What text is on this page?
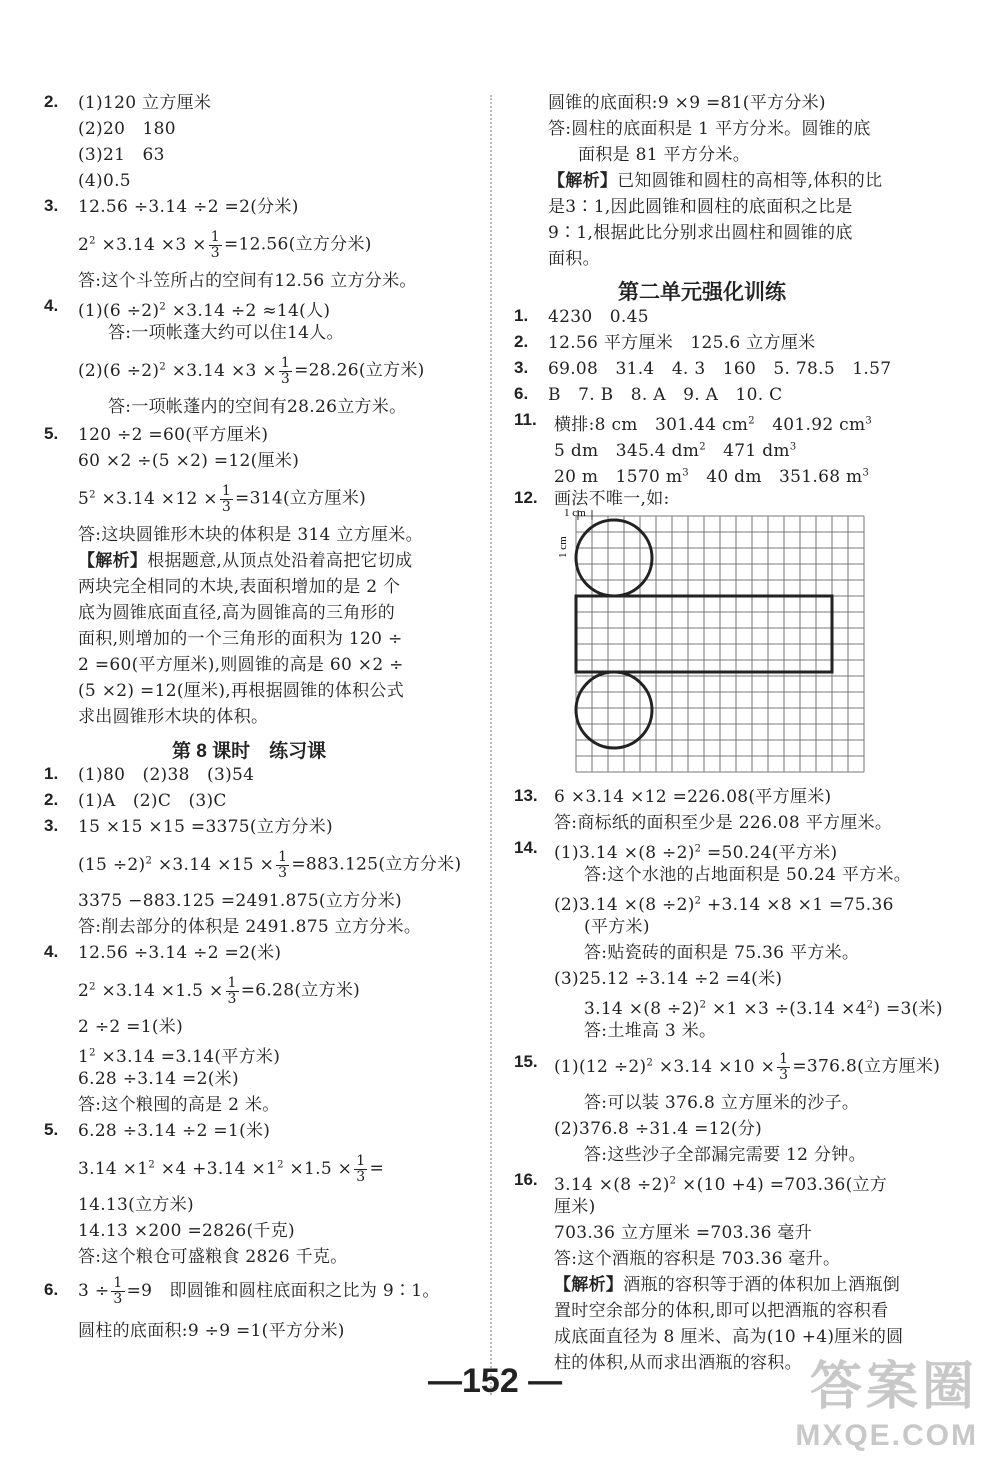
第 8 课时　练习课
2. (1)120 立方厘米
(2)20　180
(3)21　63
(4)0.5
3. 12.56 ÷3.14 ÷2 =2(分米)
$2^2 \times 3.14 \times 3 \times \frac{1}{3} =12.56$(立方分米)
答:这个斗笠所占的空间有12.56 立方分米。
4. $(1)(6 \div 2)^2 \times 3.14 \div 2 \approx 14$(人)
答:一项帐蓬大约可以住14人。
$(2)(6 \div 2)^2 \times 3.14 \times 3 \times \frac{1}{3} =28.26$(立方米)
答:一项帐蓬内的空间有28.26立方米。
5. 120 ÷2 =60(平方厘米)
60 ×2 ÷(5 ×2) =12(厘米)
$5^2 \times 3.14 \times 12 \times \frac{1}{3} =314$(立方厘米)
答:这块圆锥形木块的体积是 314 立方厘米。
【解析】根据题意,从顶点处沿着高把它切成
两块完全相同的木块,表面积增加的是 2 个
底为圆锥底面直径,高为圆锥高的三角形的
面积,则增加的一个三角形的面积为 120 ÷
2 =60(平方厘米),则圆锥的高是 60 ×2 ÷
(5 ×2) =12(厘米),再根据圆锥的体积公式
求出圆锥形木块的体积。
1. (1)80　(2)38　(3)54
2. (1)A　(2)C　(3)C
3. 15 ×15 ×15 =3375(立方分米)
$(15 \div 2)^2 \times 3.14 \times 15 \times \frac{1}{3} =883.125$(立方分米)
3375 −883.125 =2491.875(立方分米)
答:削去部分的体积是 2491.875 立方分米。
4. 12.56 ÷3.14 ÷2 =2(米)
$2^2 \times 3.14 \times 1.5 \times \frac{1}{3} =6.28$(立方米)
2 ÷2 =1(米)
$1^2 \times 3.14 =3.14$(平方米)
6.28 ÷3.14 =2(米)
答:这个粮囤的高是 2 米。
5. 6.28 ÷3.14 ÷2 =1(米)
$3.14 \times 1^2 \times 4 +3.14 \times 1^2 \times 1.5 \times \frac{1}{3}$ =
14.13(立方米)
14.13 ×200 =2826(千克)
答:这个粮仓可盛粮食 2826 千克。
6. $3 \div \frac{1}{3} =9$　即圆锥和圆柱底面积之比为 9∶1。
圆柱的底面积:9 ÷9 =1(平方分米)
第二单元强化训练
1 cm
1 cm
圆锥的底面积:9 ×9 =81(平方分米)
答:圆柱的底面积是 1 平方分米。圆锥的底
面积是 81 平方分米。
【解析】已知圆锥和圆柱的高相等,体积的比
是3∶1,因此圆锥和圆柱的底面积之比是
9∶1,根据此比分别求出圆柱和圆锥的底
面积。
1. 4230　0.45
2. 12.56 平方厘米　125.6 立方厘米
3. 69.08　31.4　4. 3　160　5. 78.5　1.57
6. B　7. B　8. A　9. A　10. C
11. 横排:8 cm　301.44 $cm^2$　401.92 $cm^3$
5 dm　345.4 $dm^2$　471 $dm^3$
20 m　1570 $m^3$　40 dm　351.68 $m^3$
12. 画法不唯一,如:
13. 6 ×3.14 ×12 =226.08(平方厘米)
答:商标纸的面积至少是 226.08 平方厘米。
14. $(1)3.14 \times(8 \div 2)^2 =50.24$(平方米)
答:这个水池的占地面积是 50.24 平方米。
$(2)3.14 \times(8 \div 2)^2 +3.14 \times 8 \times 1 =75.36$
(平方米)
答:贴瓷砖的面积是 75.36 平方米。
(3)25.12 ÷3.14 ÷2 =4(米)
$3.14 \times(8 \div 2)^2 \times 1 \times 3 \div(3.14 \times 4^2) =3$(米)
答:土堆高 3 米。
15. $(1)(12 \div 2)^2 \times 3.14 \times 10 \times \frac{1}{3} =376.8$(立方厘米)
答:可以装 376.8 立方厘米的沙子。
(2)376.8 ÷31.4 =12(分)
答:这些沙子全部漏完需要 12 分钟。
16. $3.14 \times(8 \div 2)^2 \times(10 +4) =703.36$(立方
厘米)
703.36 立方厘米 =703.36 毫升
答:这个酒瓶的容积是 703.36 毫升。
【解析】酒瓶的容积等于酒的体积加上酒瓶倒
置时空余部分的体积,即可以把酒瓶的容积看
成底面直径为 8 厘米、高为(10 +4)厘米的圆
柱的体积,从而求出酒瓶的容积。
—152 —	答案圈
MXQE.COM
